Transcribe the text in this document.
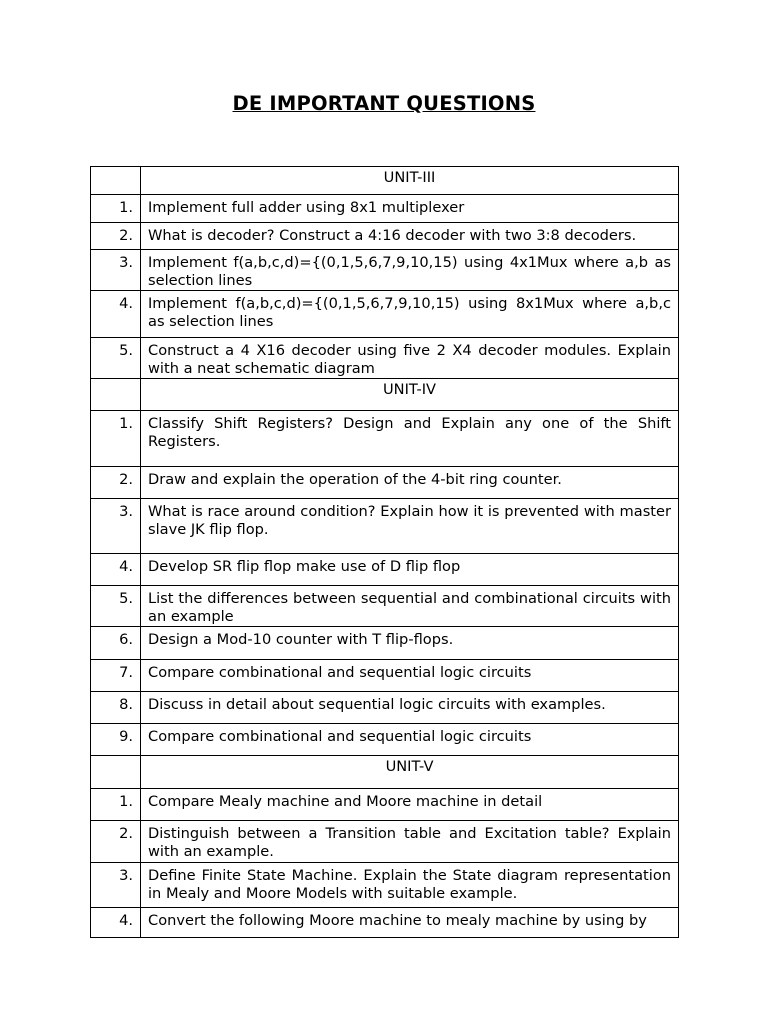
DE IMPORTANT QUESTIONS
	UNIT-III
1.	Implement full adder using 8x1 multiplexer
2.	What is decoder? Construct a 4:16 decoder with two 3:8 decoders.
3.	Implement f(a,b,c,d)={(0,1,5,6,7,9,10,15) using 4x1Mux where a,b as selection lines
4.	Implement f(a,b,c,d)={(0,1,5,6,7,9,10,15) using 8x1Mux where a,b,c as selection lines
5.	Construct a 4 X16 decoder using five 2 X4 decoder modules. Explain with a neat schematic diagram
	UNIT-IV
1.	Classify Shift Registers? Design and Explain any one of the Shift Registers.
2.	Draw and explain the operation of the 4-bit ring counter.
3.	What is race around condition? Explain how it is prevented with master slave JK flip flop.
4.	Develop SR flip flop make use of D flip flop
5.	List the differences between sequential and combinational circuits with an example
6.	Design a Mod-10 counter with T flip-flops.
7.	Compare combinational and sequential logic circuits
8.	Discuss in detail about sequential logic circuits with examples.
9.	Compare combinational and sequential logic circuits
	UNIT-V
1.	Compare Mealy machine and Moore machine in detail
2.	Distinguish between a Transition table and Excitation table? Explain with an example.
3.	Define Finite State Machine. Explain the State diagram representation in Mealy and Moore Models with suitable example.
4.	Convert the following Moore machine to mealy machine by using by
